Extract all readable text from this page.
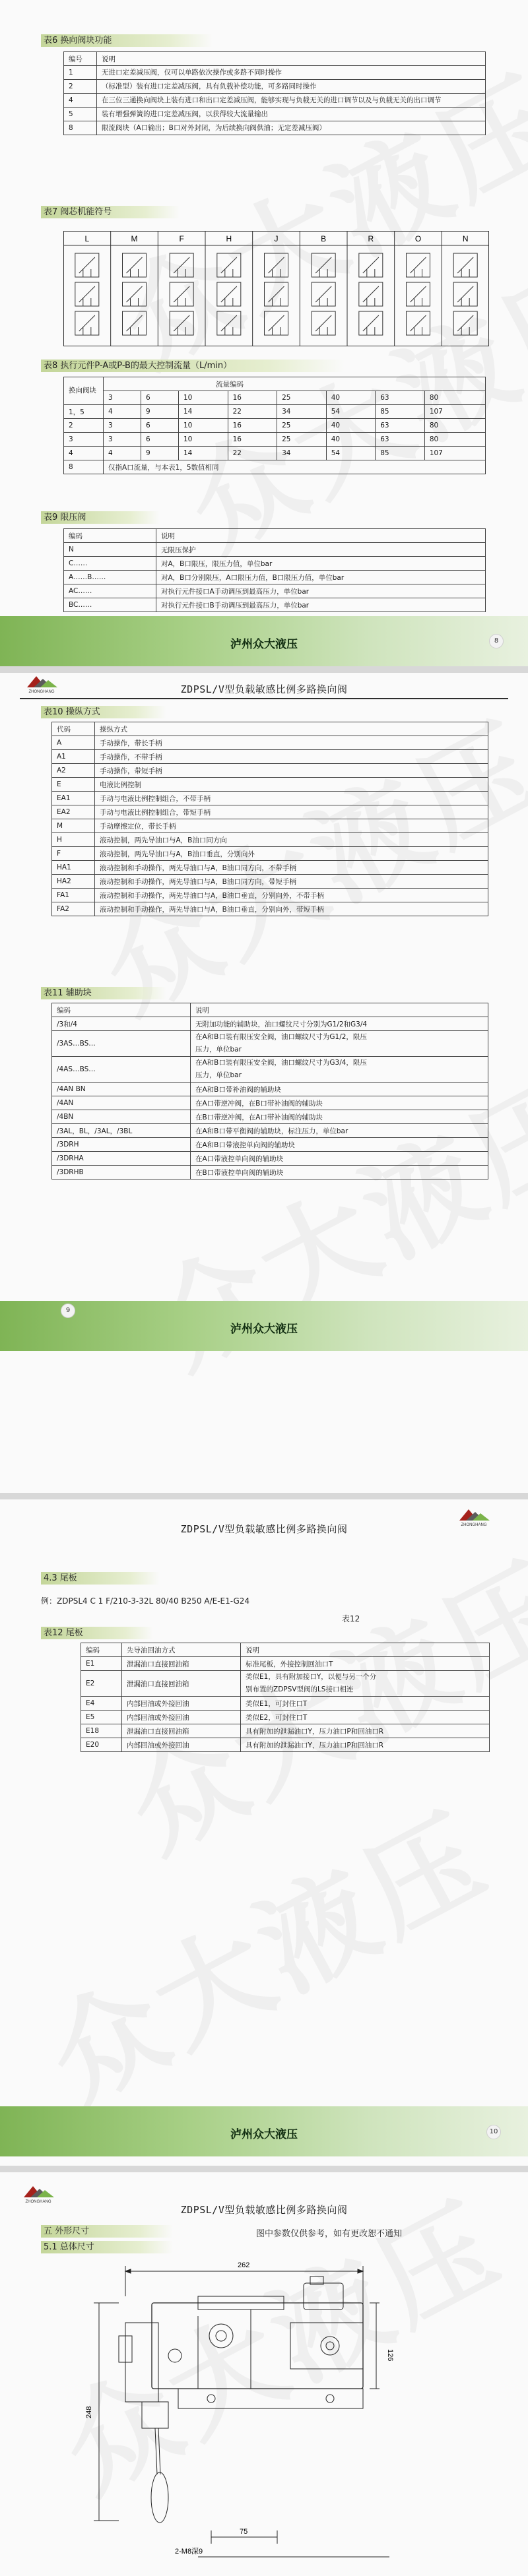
表6 换向阀块功能
编号	说明
1	无进口定差减压阀，仅可以单路依次操作或多路不同时操作
2	（标准型）装有进口定差减压阀，具有负载补偿功能，可多路同时操作
4	在三位三通换向阀块上装有进口和出口定差减压阀，能够实现与负载无关的进口调节以及与负载无关的出口调节
5	装有增强弹簧的进口定差减压阀，以获得较大流量输出
8	限流阀块（A口输出；B口对外封闭，为后续换向阀供油；无定差减压阀）
表7 阀芯机能符号
L	M	F	H	J	B	R	O	N
表8 执行元件P-A或P-B的最大控制流量（L/min）
换向阀块	流量编码							
	3	6	10	16	25	40	63	80
1，5	4	9	14	22	34	54	85	107
2	3	6	10	16	25	40	63	80
3	3	6	10	16	25	40	63	80
4	4	9	14	22	34	54	85	107
8	仅指A口流量，与本表1，5数值相同							
表9 限压阀
编码	说明
N	无限压保护
C……	对A，B口限压，限压力值，单位bar
A……B……	对A，B口分别限压，A口限压力值，B口限压力值，单位bar
AC……	对执行元件接口A手动调压到最高压力，单位bar
BC……	对执行元件接口B手动调压到最高压力，单位bar
泸州众大液压	8
ZHONGHANG	ZDPSL/V型负载敏感比例多路换向阀
表10 操纵方式
代码	操纵方式
A	手动操作，带长手柄
A1	手动操作，不带手柄
A2	手动操作，带短手柄
E	电液比例控制
EA1	手动与电液比例控制组合，不带手柄
EA2	手动与电液比例控制组合，带短手柄
M	手动摩擦定位，带长手柄
H	液动控制，两先导油口与A，B油口同方向
F	液动控制，两先导油口与A，B油口垂直，分别向外
HA1	液动控制和手动操作，两先导油口与A，B油口同方向，不带手柄
HA2	液动控制和手动操作，两先导油口与A，B油口同方向，带短手柄
FA1	液动控制和手动操作，两先导油口与A，B油口垂直，分别向外，不带手柄
FA2	液动控制和手动操作，两先导油口与A，B油口垂直，分别向外，带短手柄
表11 辅助块
编码	说明
/3和/4	无附加功能的辅助块，油口螺纹尺寸分别为G1/2和G3/4
/3AS…BS…	在A和B口装有限压安全阀，油口螺纹尺寸为G1/2，限压
压力，单位bar

/4AS…BS…	在A和B口装有限压安全阀，油口螺纹尺寸为G3/4，限压
压力，单位bar

/4AN BN	在A和B口带补油阀的辅助块
/4AN	在A口带逆冲阀，在B口带补油阀的辅助块
/4BN	在B口带逆冲阀，在A口带补油阀的辅助块
/3AL，BL，/3AL，/3BL	在A和B口带平衡阀的辅助块，标注压力，单位bar
/3DRH	在A和B口带液控单向阀的辅助块
/3DRHA	在A口带液控单向阀的辅助块
/3DRHB	在B口带液控单向阀的辅助块
泸州众大液压
9
ZHONGHANG
ZDPSL/V型负载敏感比例多路换向阀
4.3 尾板
例：ZDPSL4 C 1 F/210-3-32L 80/40 B250 A/E-E1-G24
表12
表12 尾板
编码	先导油回油方式	说明
E1	泄漏油口直接回油箱	标准尾板，外接控制回油口T
E2	泄漏油口直接回油箱	类似E1，具有附加接口Y，以便与另一个分
别布置的ZDPSV型阀的LS接口相连

E4	内部回油或外接回油	类似E1，可封住口T
E5	内部回油或外接回油	类似E2，可封住口T
E18	泄漏油口直接回油箱	具有附加的泄漏油口Y，压力油口P和回油口R
E20	内部回油或外接回油	具有附加的泄漏油口Y，压力油口P和回油口R
泸州众大液压	10
ZHONGHANG
ZDPSL/V型负载敏感比例多路换向阀
五 外形尺寸	图中参数仅供参考，如有更改恕不通知
5.1 总体尺寸
262
126
248
75
2-M8深9
